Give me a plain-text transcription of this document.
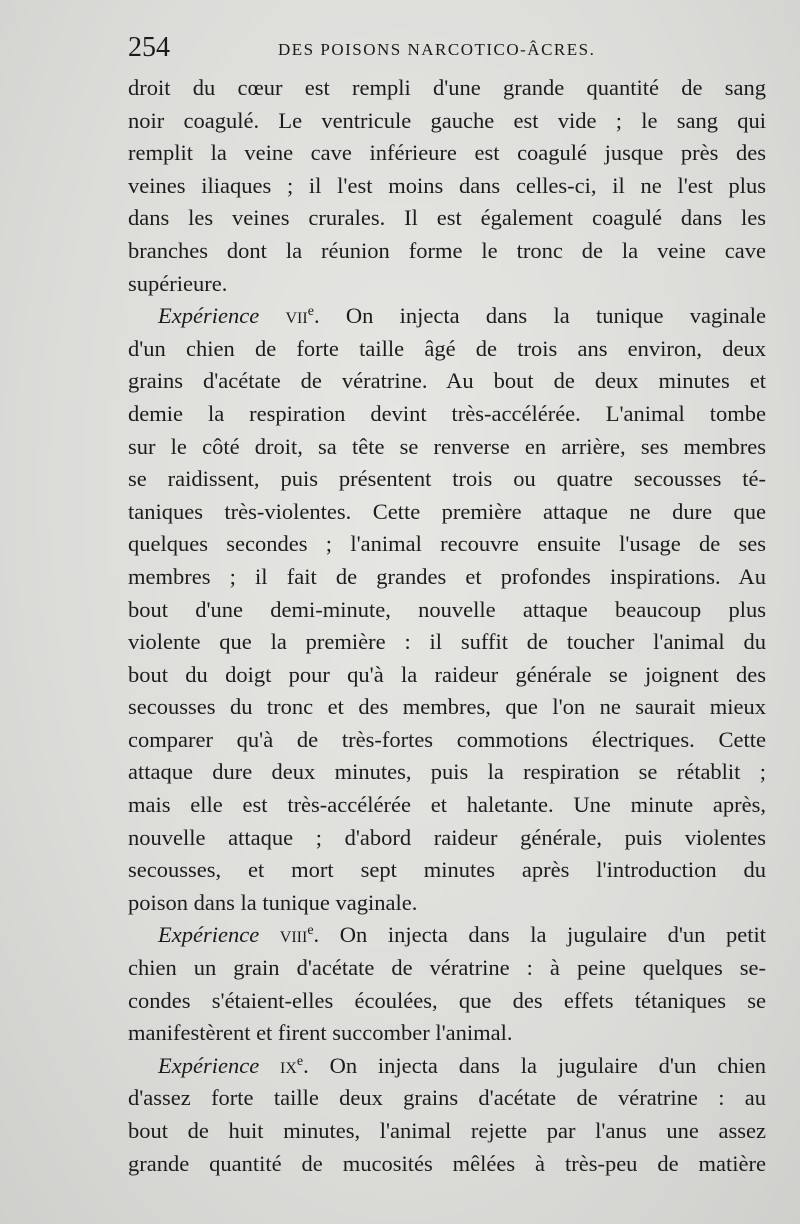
254	DES POISONS NARCOTICO-ÂCRES.
droit du cœur est rempli d'une grande quantité de sang
noir coagulé. Le ventricule gauche est vide ; le sang qui
remplit la veine cave inférieure est coagulé jusque près des
veines iliaques ; il l'est moins dans celles-ci, il ne l'est plus
dans les veines crurales. Il est également coagulé dans les
branches dont la réunion forme le tronc de la veine cave
supérieure.
Expérience vii$^e$. On injecta dans la tunique vaginale
d'un chien de forte taille âgé de trois ans environ, deux
grains d'acétate de vératrine. Au bout de deux minutes et
demie la respiration devint très-accélérée. L'animal tombe
sur le côté droit, sa tête se renverse en arrière, ses membres
se raidissent, puis présentent trois ou quatre secousses té-
taniques très-violentes. Cette première attaque ne dure que
quelques secondes ; l'animal recouvre ensuite l'usage de ses
membres ; il fait de grandes et profondes inspirations. Au
bout d'une demi-minute, nouvelle attaque beaucoup plus
violente que la première : il suffit de toucher l'animal du
bout du doigt pour qu'à la raideur générale se joignent des
secousses du tronc et des membres, que l'on ne saurait mieux
comparer qu'à de très-fortes commotions électriques. Cette
attaque dure deux minutes, puis la respiration se rétablit ;
mais elle est très-accélérée et haletante. Une minute après,
nouvelle attaque ; d'abord raideur générale, puis violentes
secousses, et mort sept minutes après l'introduction du
poison dans la tunique vaginale.
Expérience viii$^e$. On injecta dans la jugulaire d'un petit
chien un grain d'acétate de vératrine : à peine quelques se-
condes s'étaient-elles écoulées, que des effets tétaniques se
manifestèrent et firent succomber l'animal.
Expérience $ix^e$. On injecta dans la jugulaire d'un chien
d'assez forte taille deux grains d'acétate de vératrine : au
bout de huit minutes, l'animal rejette par l'anus une assez
grande quantité de mucosités mêlées à très-peu de matière
